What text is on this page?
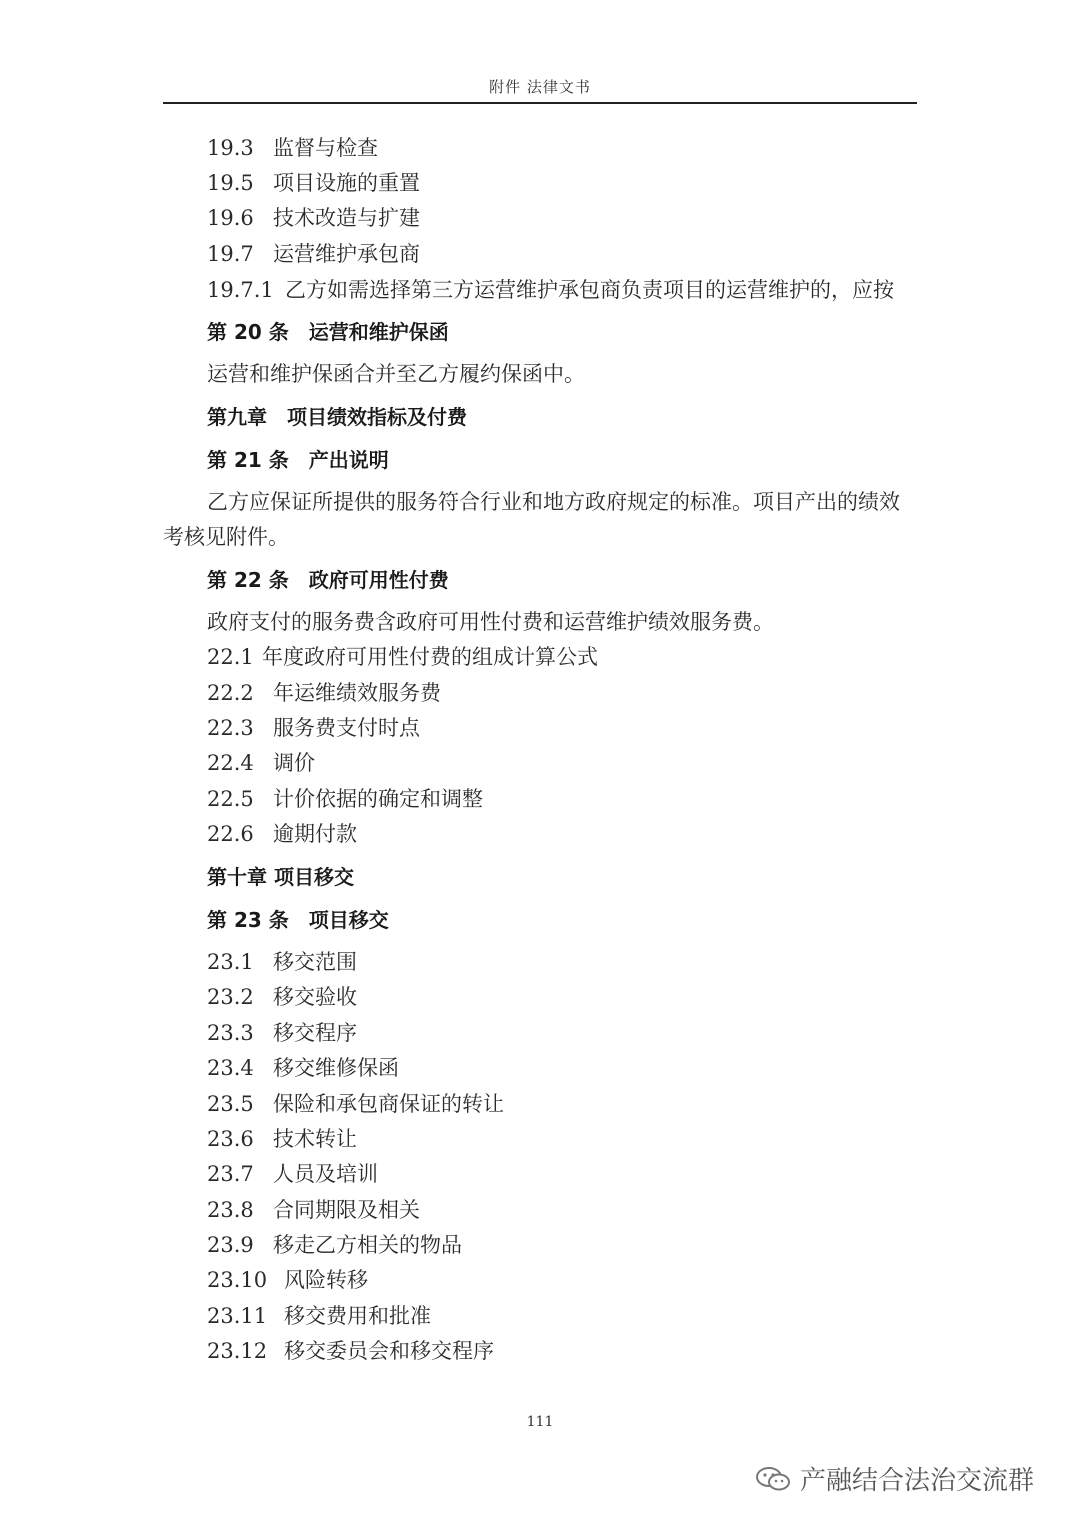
附件 法律文书
19.3 监督与检查
19.5 项目设施的重置
19.6 技术改造与扩建
19.7 运营维护承包商
19.7.1 乙方如需选择第三方运营维护承包商负责项目的运营维护的，应按
第 20 条　运营和维护保函
运营和维护保函合并至乙方履约保函中。
第九章　项目绩效指标及付费
第 21 条　产出说明
乙方应保证所提供的服务符合行业和地方政府规定的标准。项目产出的绩效考核见附件。
第 22 条　政府可用性付费
政府支付的服务费含政府可用性付费和运营维护绩效服务费。
22.1 年度政府可用性付费的组成计算公式
22.2 年运维绩效服务费
22.3 服务费支付时点
22.4 调价
22.5 计价依据的确定和调整
22.6 逾期付款
第十章 项目移交
第 23 条　项目移交
23.1 移交范围
23.2 移交验收
23.3 移交程序
23.4 移交维修保函
23.5 保险和承包商保证的转让
23.6 技术转让
23.7 人员及培训
23.8 合同期限及相关
23.9 移走乙方相关的物品
23.10 风险转移
23.11 移交费用和批准
23.12 移交委员会和移交程序
111
产融结合法治交流群
